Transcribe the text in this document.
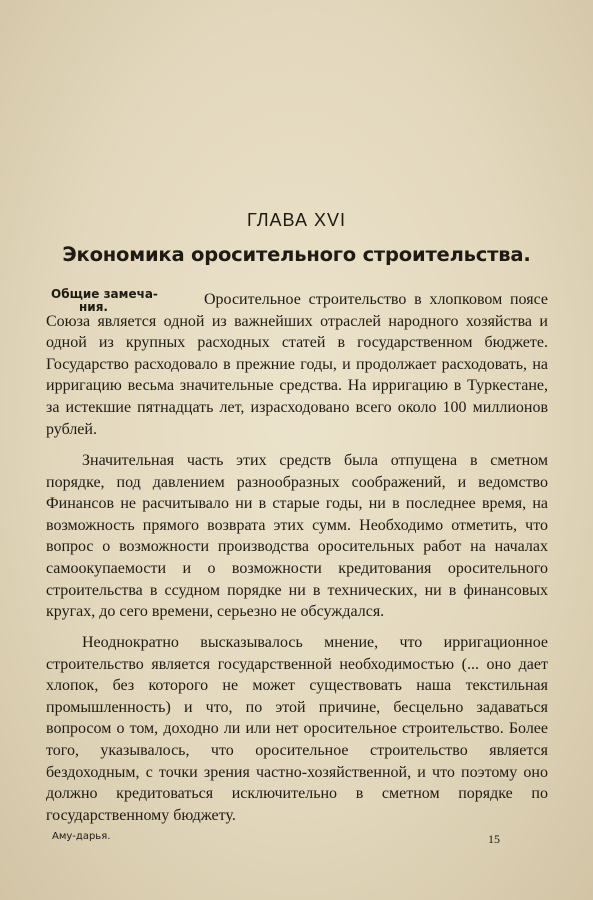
ГЛАВА XVI
Экономика оросительного строительства.
Общие замеча-
ния.	Оросительное строительство в хлопковом поясе Союза является одной из важнейших отраслей народного хозяйства и одной из крупных расходных статей в государственном бюджете. Государство расходовало в прежние годы, и продолжает расходовать, на ирригацию весьма значительные средства. На ирригацию в Туркестане, за истекшие пятнадцать лет, израсходовано всего около 100 миллионов рублей.

Значительная часть этих средств была отпущена в сметном порядке, под давлением разнообразных соображений, и ведомство Финансов не расчитывало ни в старые годы, ни в последнее время, на возможность прямого возврата этих сумм. Необходимо отметить, что вопрос о возможности производства оросительных работ на началах самоокупаемости и о возможности кредитования оросительного строительства в ссудном порядке ни в технических, ни в финансовых кругах, до сего времени, серьезно не обсуждался.

Неоднократно высказывалось мнение, что ирригационное строительство является государственной необходимостью (... оно дает хлопок, без которого не может существовать наша текстильная промышленность) и что, по этой причине, бесцельно задаваться вопросом о том, доходно ли или нет оросительное строительство. Более того, указывалось, что оросительное строительство является бездоходным, с точки зрения частно-хозяйственной, и что поэтому оно должно кредитоваться исключительно в сметном порядке по государственному бюджету.

Аму-дарья.	15
